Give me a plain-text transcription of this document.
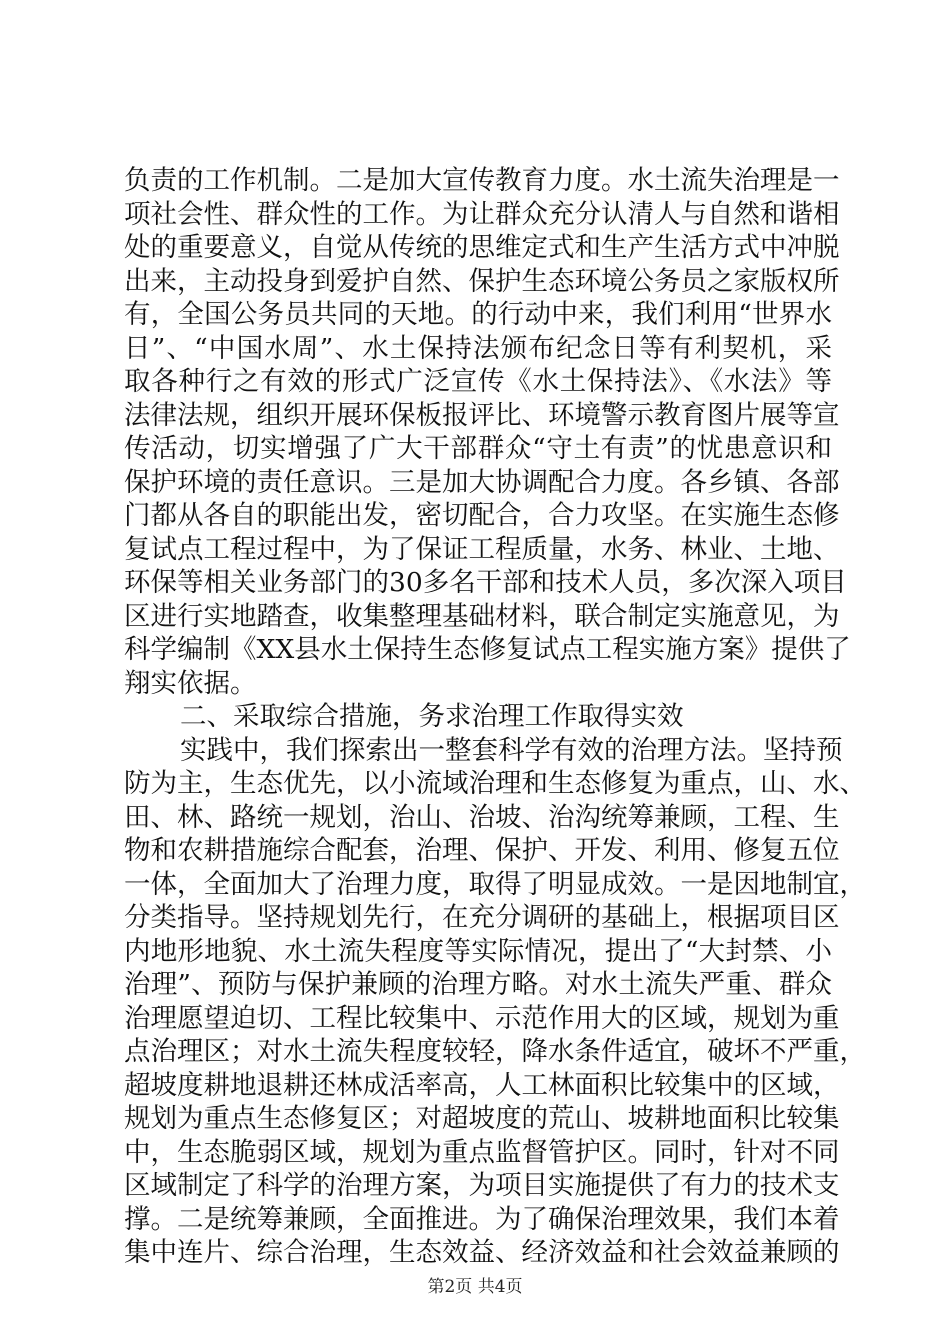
负责的工作机制。二是加大宣传教育力度。水土流失治理是一
项社会性、群众性的工作。为让群众充分认清人与自然和谐相
处的重要意义，自觉从传统的思维定式和生产生活方式中冲脱
出来，主动投身到爱护自然、保护生态环境公务员之家版权所
有，全国公务员共同的天地。的行动中来，我们利用“世界水
日”、“中国水周”、水土保持法颁布纪念日等有利契机，采
取各种行之有效的形式广泛宣传《水土保持法》、《水法》等
法律法规，组织开展环保板报评比、环境警示教育图片展等宣
传活动，切实增强了广大干部群众“守土有责”的忧患意识和
保护环境的责任意识。三是加大协调配合力度。各乡镇、各部
门都从各自的职能出发，密切配合，合力攻坚。在实施生态修
复试点工程过程中，为了保证工程质量，水务、林业、土地、
环保等相关业务部门的30多名干部和技术人员，多次深入项目
区进行实地踏查，收集整理基础材料，联合制定实施意见，为
科学编制《XX县水土保持生态修复试点工程实施方案》提供了
翔实依据。
二、采取综合措施，务求治理工作取得实效
实践中，我们探索出一整套科学有效的治理方法。坚持预
防为主，生态优先，以小流域治理和生态修复为重点，山、水、
田、林、路统一规划，治山、治坡、治沟统筹兼顾，工程、生
物和农耕措施综合配套，治理、保护、开发、利用、修复五位
一体，全面加大了治理力度，取得了明显成效。一是因地制宜，
分类指导。坚持规划先行，在充分调研的基础上，根据项目区
内地形地貌、水土流失程度等实际情况，提出了“大封禁、小
治理”、预防与保护兼顾的治理方略。对水土流失严重、群众
治理愿望迫切、工程比较集中、示范作用大的区域，规划为重
点治理区；对水土流失程度较轻，降水条件适宜，破坏不严重，
超坡度耕地退耕还林成活率高，人工林面积比较集中的区域，
规划为重点生态修复区；对超坡度的荒山、坡耕地面积比较集
中，生态脆弱区域，规划为重点监督管护区。同时，针对不同
区域制定了科学的治理方案，为项目实施提供了有力的技术支
撑。二是统筹兼顾，全面推进。为了确保治理效果，我们本着
集中连片、综合治理，生态效益、经济效益和社会效益兼顾的
第2页 共4页
